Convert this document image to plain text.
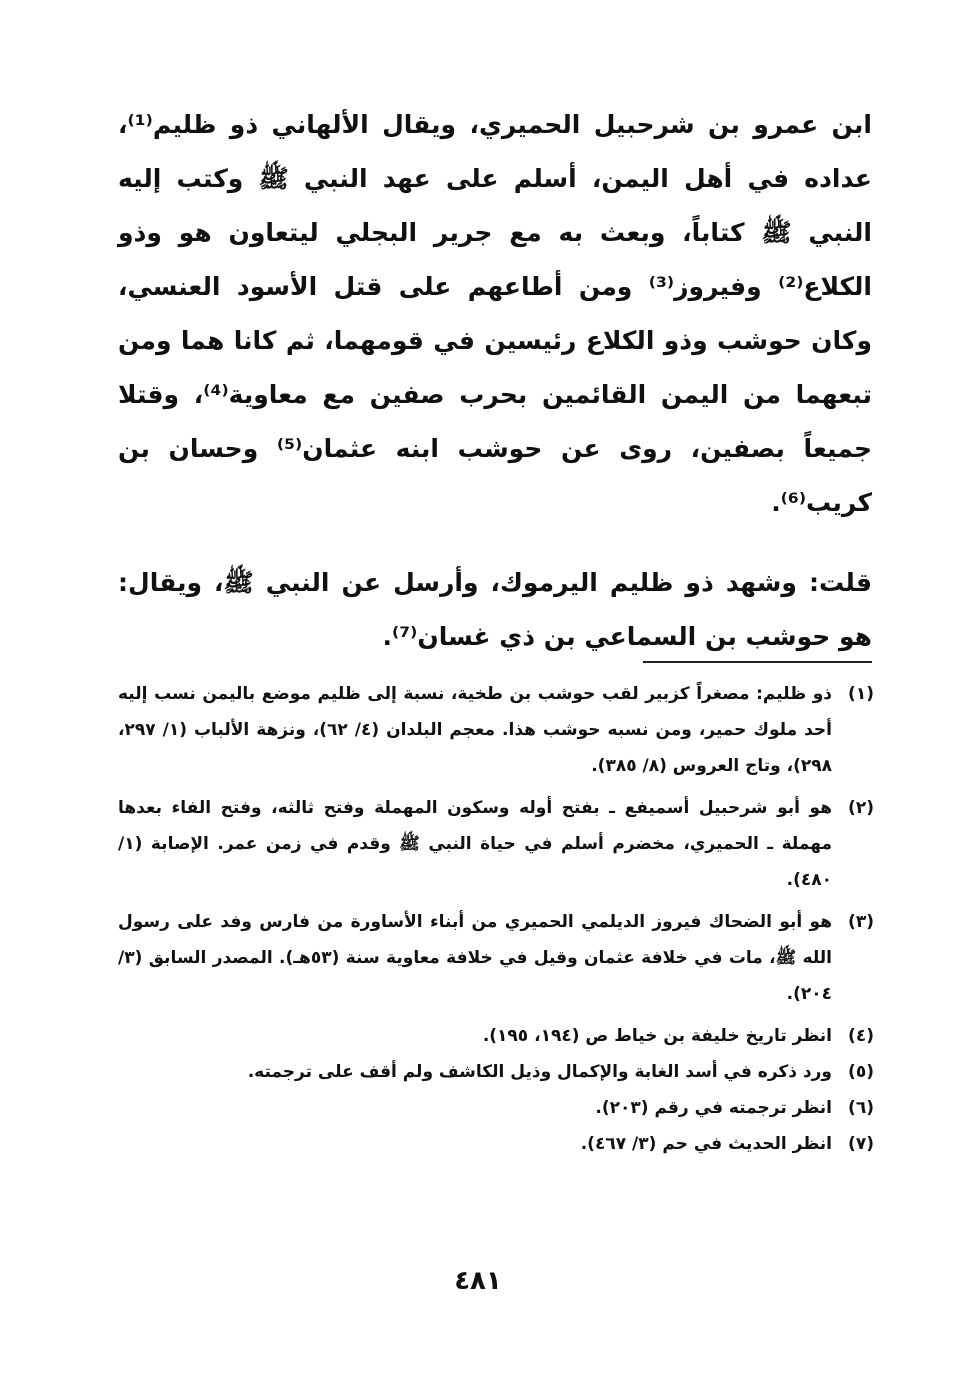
ابن عمرو بن شرحبيل الحميري، ويقال الألهاني ذو ظليم⁽¹⁾، عداده في أهل اليمن، أسلم على عهد النبي ﷺ وكتب إليه النبي ﷺ كتاباً، وبعث به مع جرير البجلي ليتعاون هو وذو الكلاع⁽²⁾ وفيروز⁽³⁾ ومن أطاعهم على قتل الأسود العنسي، وكان حوشب وذو الكلاع رئيسين في قومهما، ثم كانا هما ومن تبعهما من اليمن القائمين بحرب صفين مع معاوية⁽⁴⁾، وقتلا جميعاً بصفين، روى عن حوشب ابنه عثمان⁽⁵⁾ وحسان بن كريب⁽⁶⁾.

قلت: وشهد ذو ظليم اليرموك، وأرسل عن النبي ﷺ، ويقال: هو حوشب بن السماعي بن ذي غسان⁽⁷⁾.

(١)
ذو ظليم: مصغراً كزبير لقب حوشب بن طخية، نسبة إلى ظليم موضع باليمن نسب إليه أحد ملوك حمير، ومن نسبه حوشب هذا. معجم البلدان (٤/ ٦٢)، ونزهة الألباب (١/ ٢٩٧، ٢٩٨)، وتاج العروس (٨/ ٣٨٥).
(٢)
هو أبو شرحبيل أسميفع ـ بفتح أوله وسكون المهملة وفتح ثالثه، وفتح الفاء بعدها مهملة ـ الحميري، مخضرم أسلم في حياة النبي ﷺ وقدم في زمن عمر. الإصابة (١/ ٤٨٠).
(٣)
هو أبو الضحاك فيروز الديلمي الحميري من أبناء الأساورة من فارس وفد على رسول الله ﷺ، مات في خلافة عثمان وقيل في خلافة معاوية سنة (٥٣هـ). المصدر السابق (٣/ ٢٠٤).
(٤)
انظر تاريخ خليفة بن خياط ص (١٩٤، ١٩٥).
(٥)
ورد ذكره في أسد الغابة والإكمال وذيل الكاشف ولم أقف على ترجمته.
(٦)
انظر ترجمته في رقم (٢٠٣).
(٧)
انظر الحديث في حم (٣/ ٤٦٧).
٤٨١
